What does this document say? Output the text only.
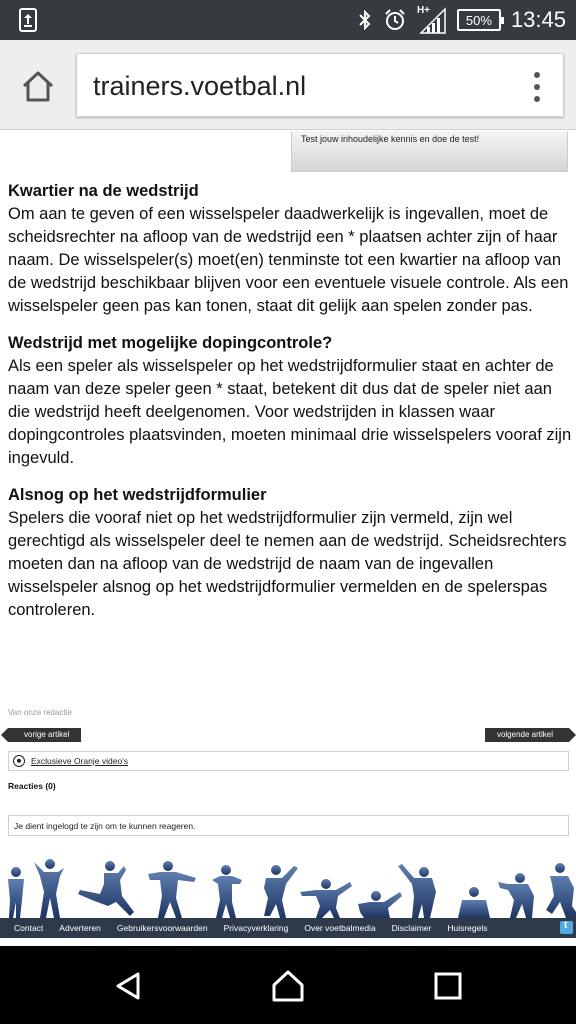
H+
50% 13:45
trainers.voetbal.nl
Test jouw inhoudelijke kennis en doe de test!
Kwartier na de wedstrijd

Om aan te geven of een wisselspeler daadwerkelijk is ingevallen, moet de scheidsrechter na afloop van de wedstrijd een * plaatsen achter zijn of haar naam. De wisselspeler(s) moet(en) tenminste tot een kwartier na afloop van de wedstrijd beschikbaar blijven voor een eventuele visuele controle. Als een wisselspeler geen pas kan tonen, staat dit gelijk aan spelen zonder pas.

Wedstrijd met mogelijke dopingcontrole?

Als een speler als wisselspeler op het wedstrijdformulier staat en achter de naam van deze speler geen * staat, betekent dit dus dat de speler niet aan die wedstrijd heeft deelgenomen. Voor wedstrijden in klassen waar dopingcontroles plaatsvinden, moeten minimaal drie wisselspelers vooraf zijn ingevuld.

Alsnog op het wedstrijdformulier

Spelers die vooraf niet op het wedstrijdformulier zijn vermeld, zijn wel gerechtigd als wisselspeler deel te nemen aan de wedstrijd. Scheidsrechters moeten dan na afloop van de wedstrijd de naam van de ingevallen wisselspeler alsnog op het wedstrijdformulier vermelden en de spelerspas controleren.

Van onze redactie
vorige artikel	volgende artikel
Exclusieve Oranje video's
Reacties (0)
Je dient ingelogd te zijn om te kunnen reageren.
Contact	Adverteren	Gebruikersvoorwaarden	Privacyverklaring	Over voetbalmedia	Disclaimer	Huisregels
t
